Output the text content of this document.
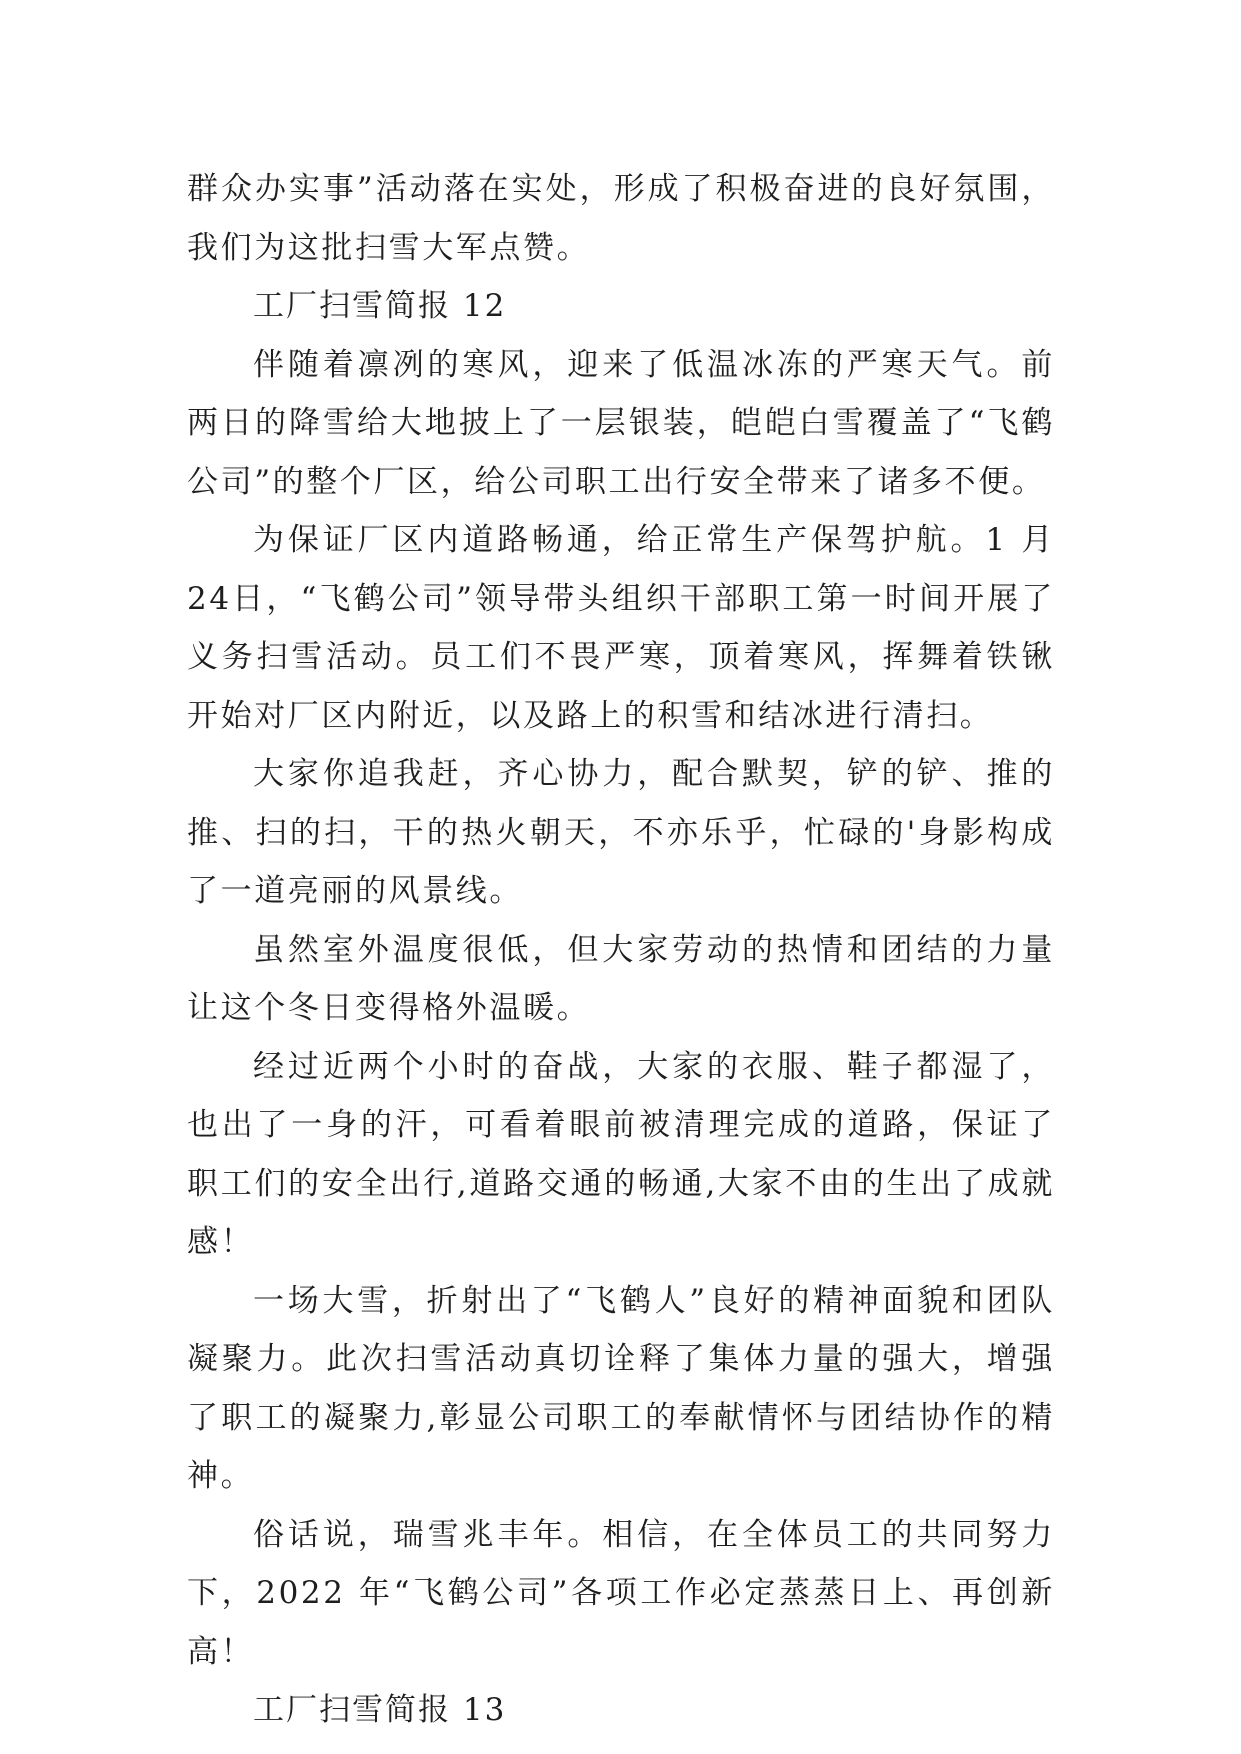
群众办实事”活动落在实处，形成了积极奋进的良好氛围，我们为这批扫雪大军点赞。

工厂扫雪简报 12

伴随着凛冽的寒风，迎来了低温冰冻的严寒天气。前两日的降雪给大地披上了一层银装，皑皑白雪覆盖了“飞鹤公司”的整个厂区，给公司职工出行安全带来了诸多不便。

为保证厂区内道路畅通，给正常生产保驾护航。1 月 24日，“飞鹤公司”领导带头组织干部职工第一时间开展了义务扫雪活动。员工们不畏严寒，顶着寒风，挥舞着铁锹开始对厂区内附近，以及路上的积雪和结冰进行清扫。

大家你追我赶，齐心协力，配合默契，铲的铲、推的推、扫的扫，干的热火朝天，不亦乐乎，忙碌的'身影构成了一道亮丽的风景线。

虽然室外温度很低，但大家劳动的热情和团结的力量让这个冬日变得格外温暖。

经过近两个小时的奋战，大家的衣服、鞋子都湿了，也出了一身的汗，可看着眼前被清理完成的道路，保证了职工们的安全出行,道路交通的畅通,大家不由的生出了成就感！

一场大雪，折射出了“飞鹤人”良好的精神面貌和团队凝聚力。此次扫雪活动真切诠释了集体力量的强大，增强了职工的凝聚力,彰显公司职工的奉献情怀与团结协作的精神。

俗话说，瑞雪兆丰年。相信，在全体员工的共同努力下，2022 年“飞鹤公司”各项工作必定蒸蒸日上、再创新高！

工厂扫雪简报 13
